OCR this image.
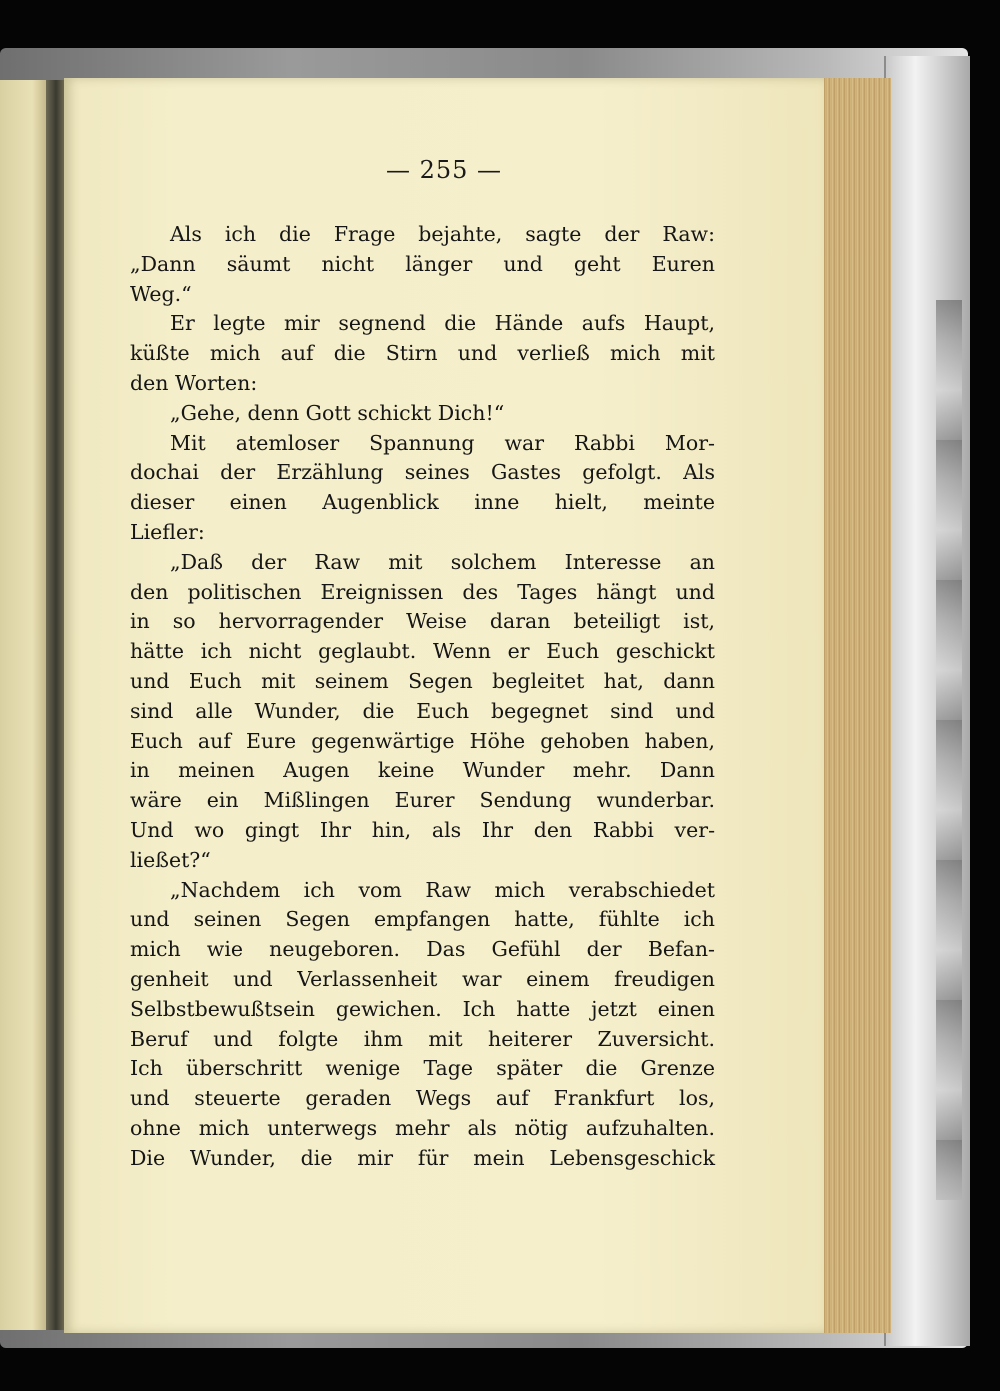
— 255 —
Als ich die Frage bejahte, sagte der Raw:
„Dann säumt nicht länger und geht Euren
Weg.“
Er legte mir segnend die Hände aufs Haupt,
küßte mich auf die Stirn und verließ mich mit
den Worten:
„Gehe, denn Gott schickt Dich!“
Mit atemloser Spannung war Rabbi Mor-
dochai der Erzählung seines Gastes gefolgt. Als
dieser einen Augenblick inne hielt, meinte
Liefler:
„Daß der Raw mit solchem Interesse an
den politischen Ereignissen des Tages hängt und
in so hervorragender Weise daran beteiligt ist,
hätte ich nicht geglaubt. Wenn er Euch geschickt
und Euch mit seinem Segen begleitet hat, dann
sind alle Wunder, die Euch begegnet sind und
Euch auf Eure gegenwärtige Höhe gehoben haben,
in meinen Augen keine Wunder mehr. Dann
wäre ein Mißlingen Eurer Sendung wunderbar.
Und wo gingt Ihr hin, als Ihr den Rabbi ver-
ließet?“
„Nachdem ich vom Raw mich verabschiedet
und seinen Segen empfangen hatte, fühlte ich
mich wie neugeboren. Das Gefühl der Befan-
genheit und Verlassenheit war einem freudigen
Selbstbewußtsein gewichen. Ich hatte jetzt einen
Beruf und folgte ihm mit heiterer Zuversicht.
Ich überschritt wenige Tage später die Grenze
und steuerte geraden Wegs auf Frankfurt los,
ohne mich unterwegs mehr als nötig aufzuhalten.
Die Wunder, die mir für mein Lebensgeschick
